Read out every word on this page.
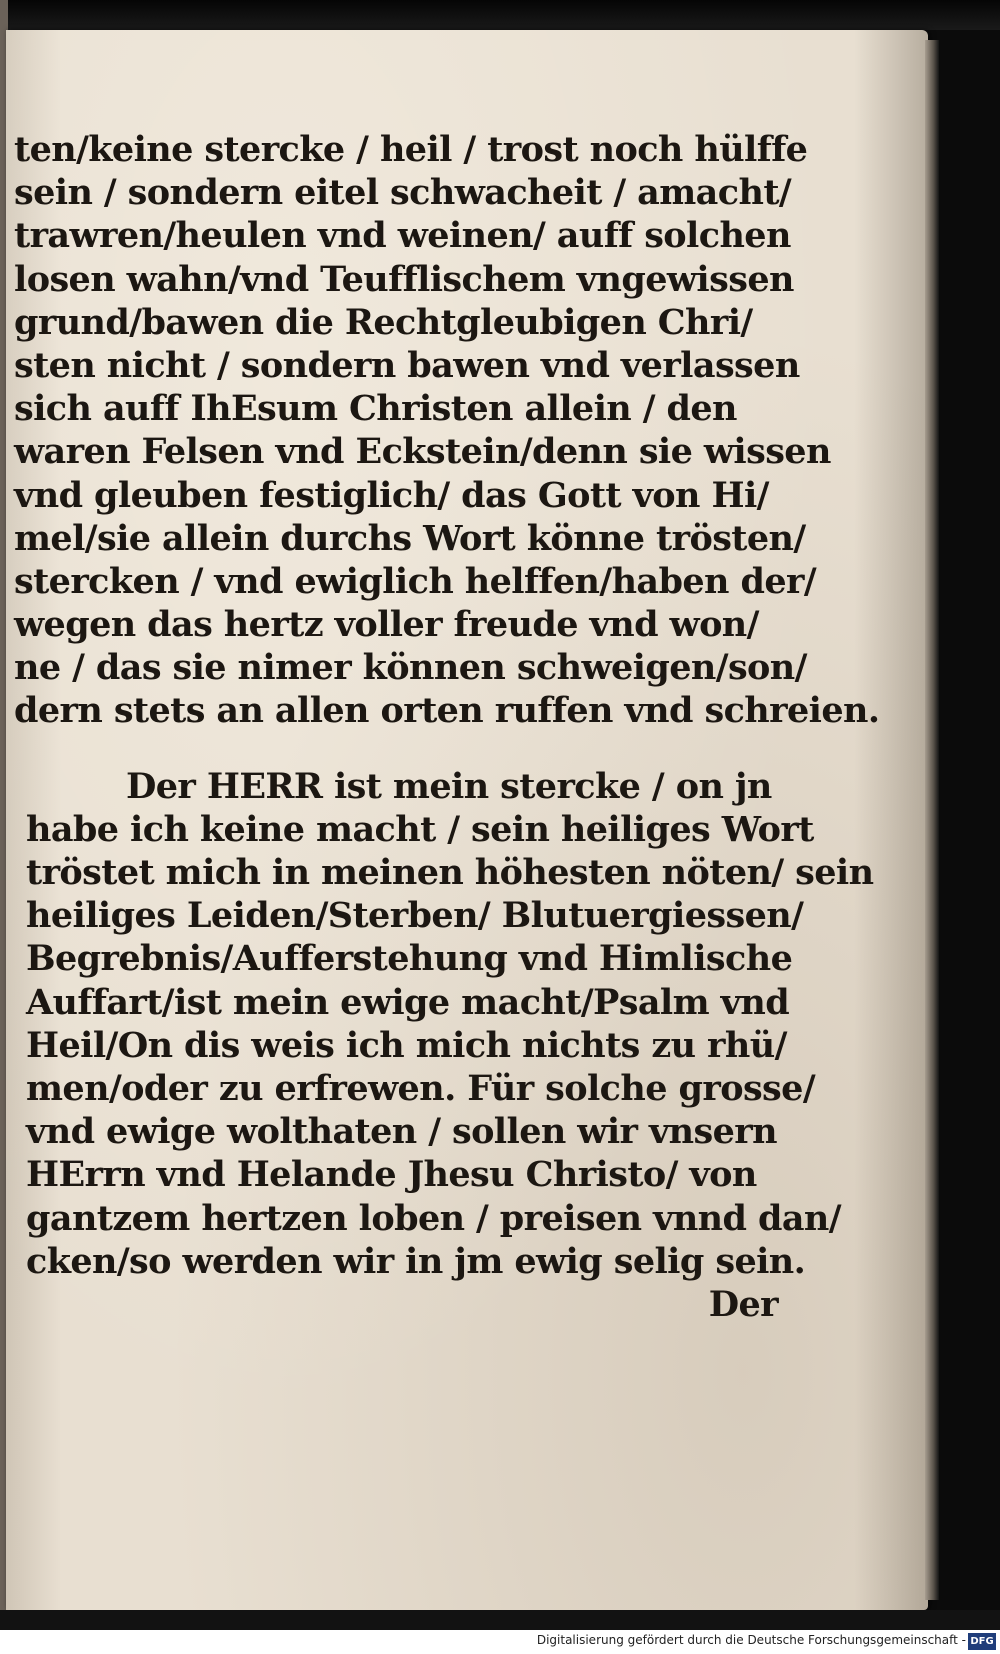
ten/keine stercke / heil / trost noch hülffe
sein / sondern eitel schwacheit / amacht/
trawren/heulen vnd weinen/ auff solchen
losen wahn/vnd Teufflischem vngewissen
grund/bawen die Rechtgleubigen Chri/
sten nicht / sondern bawen vnd verlassen
sich auff IhEsum Christen allein / den
waren Felsen vnd Eckstein/denn sie wissen
vnd gleuben festiglich/ das Gott von Hi/
mel/sie allein durchs Wort könne trösten/
stercken / vnd ewiglich helffen/haben der/
wegen das hertz voller freude vnd won/
ne / das sie nimer können schweigen/son/
dern stets an allen orten ruffen vnd schreien.
Der HERR ist mein stercke / on jn
habe ich keine macht / sein heiliges Wort
tröstet mich in meinen höhesten nöten/ sein
heiliges Leiden/Sterben/ Blutuergiessen/
Begrebnis/Aufferstehung vnd Himlische
Auffart/ist mein ewige macht/Psalm vnd
Heil/On dis weis ich mich nichts zu rhü/
men/oder zu erfrewen. Für solche grosse/
vnd ewige wolthaten / sollen wir vnsern
HErrn vnd Helande Jhesu Christo/ von
gantzem hertzen loben / preisen vnnd dan/
cken/so werden wir in jm ewig selig sein.
Der
Digitalisierung gefördert durch die Deutsche Forschungsgemeinschaft - DFG
